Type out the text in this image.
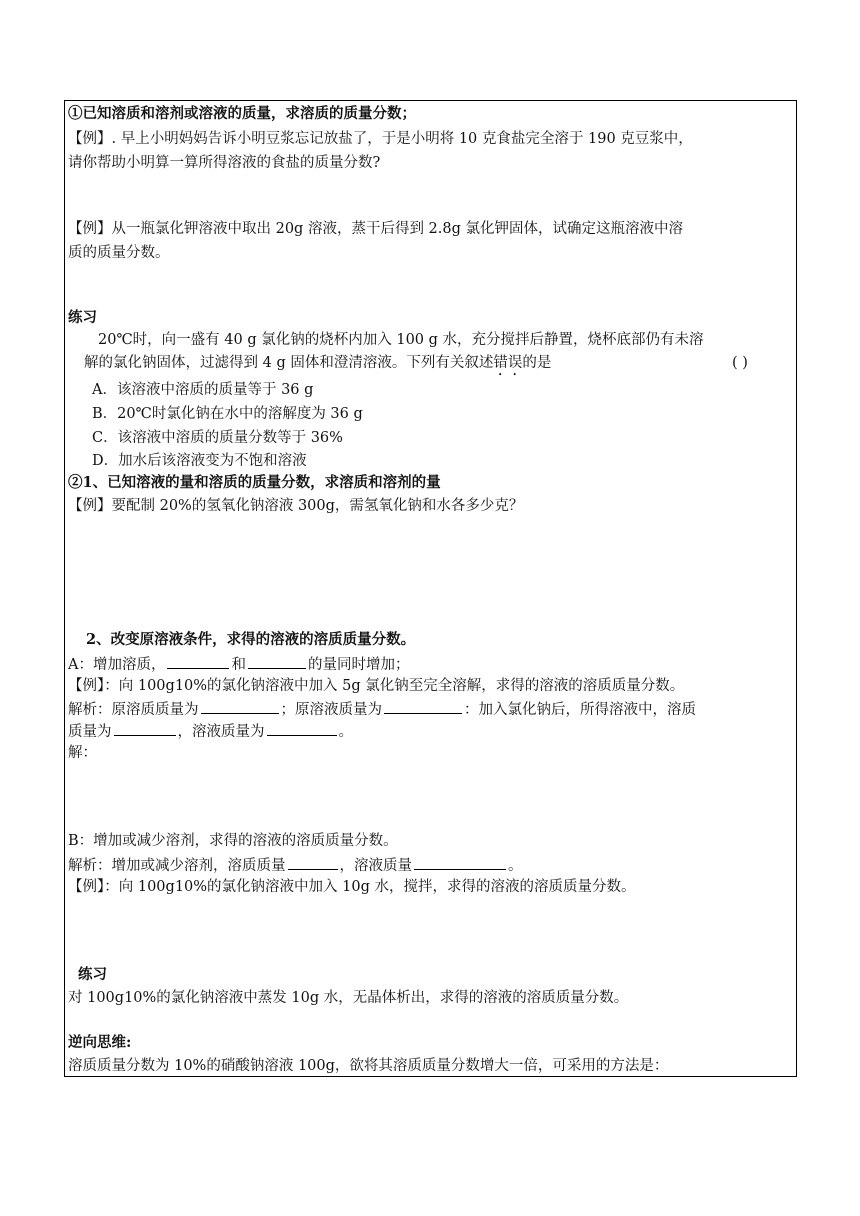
①已知溶质和溶剂或溶液的质量，求溶质的质量分数；
【例】. 早上小明妈妈告诉小明豆浆忘记放盐了，于是小明将 10 克食盐完全溶于 190 克豆浆中，
请你帮助小明算一算所得溶液的食盐的质量分数?
【例】从一瓶氯化钾溶液中取出 20g 溶液，蒸干后得到 2.8g 氯化钾固体，试确定这瓶溶液中溶
质的质量分数。
练习
20℃时，向一盛有 40 g 氯化钠的烧杯内加入 100 g 水，充分搅拌后静置，烧杯底部仍有未溶
解的氯化钠固体，过滤得到 4 g 固体和澄清溶液。下列有关叙述错误的是	( )
A．该溶液中溶质的质量等于 36 g
B．20℃时氯化钠在水中的溶解度为 36 g
C．该溶液中溶质的质量分数等于 36%
D．加水后该溶液变为不饱和溶液
②1、已知溶液的量和溶质的质量分数，求溶质和溶剂的量
【例】要配制 20%的氢氧化钠溶液 300g，需氢氧化钠和水各多少克？
2、改变原溶液条件，求得的溶液的溶质质量分数。
A：增加溶质，	和	的量同时增加；
【例】：向 100g10%的氯化钠溶液中加入 5g 氯化钠至完全溶解，求得的溶液的溶质质量分数。
解析：原溶质质量为	；原溶液质量为	：加入氯化钠后，所得溶液中，溶质
质量为	，溶液质量为	。
解：
B：增加或减少溶剂，求得的溶液的溶质质量分数。
解析：增加或减少溶剂，溶质质量	，溶液质量	。
【例】：向 100g10%的氯化钠溶液中加入 10g 水，搅拌，求得的溶液的溶质质量分数。
练习
对 100g10%的氯化钠溶液中蒸发 10g 水，无晶体析出，求得的溶液的溶质质量分数。
逆向思维:
溶质质量分数为 10%的硝酸钠溶液 100g，欲将其溶质质量分数增大一倍，可采用的方法是：
